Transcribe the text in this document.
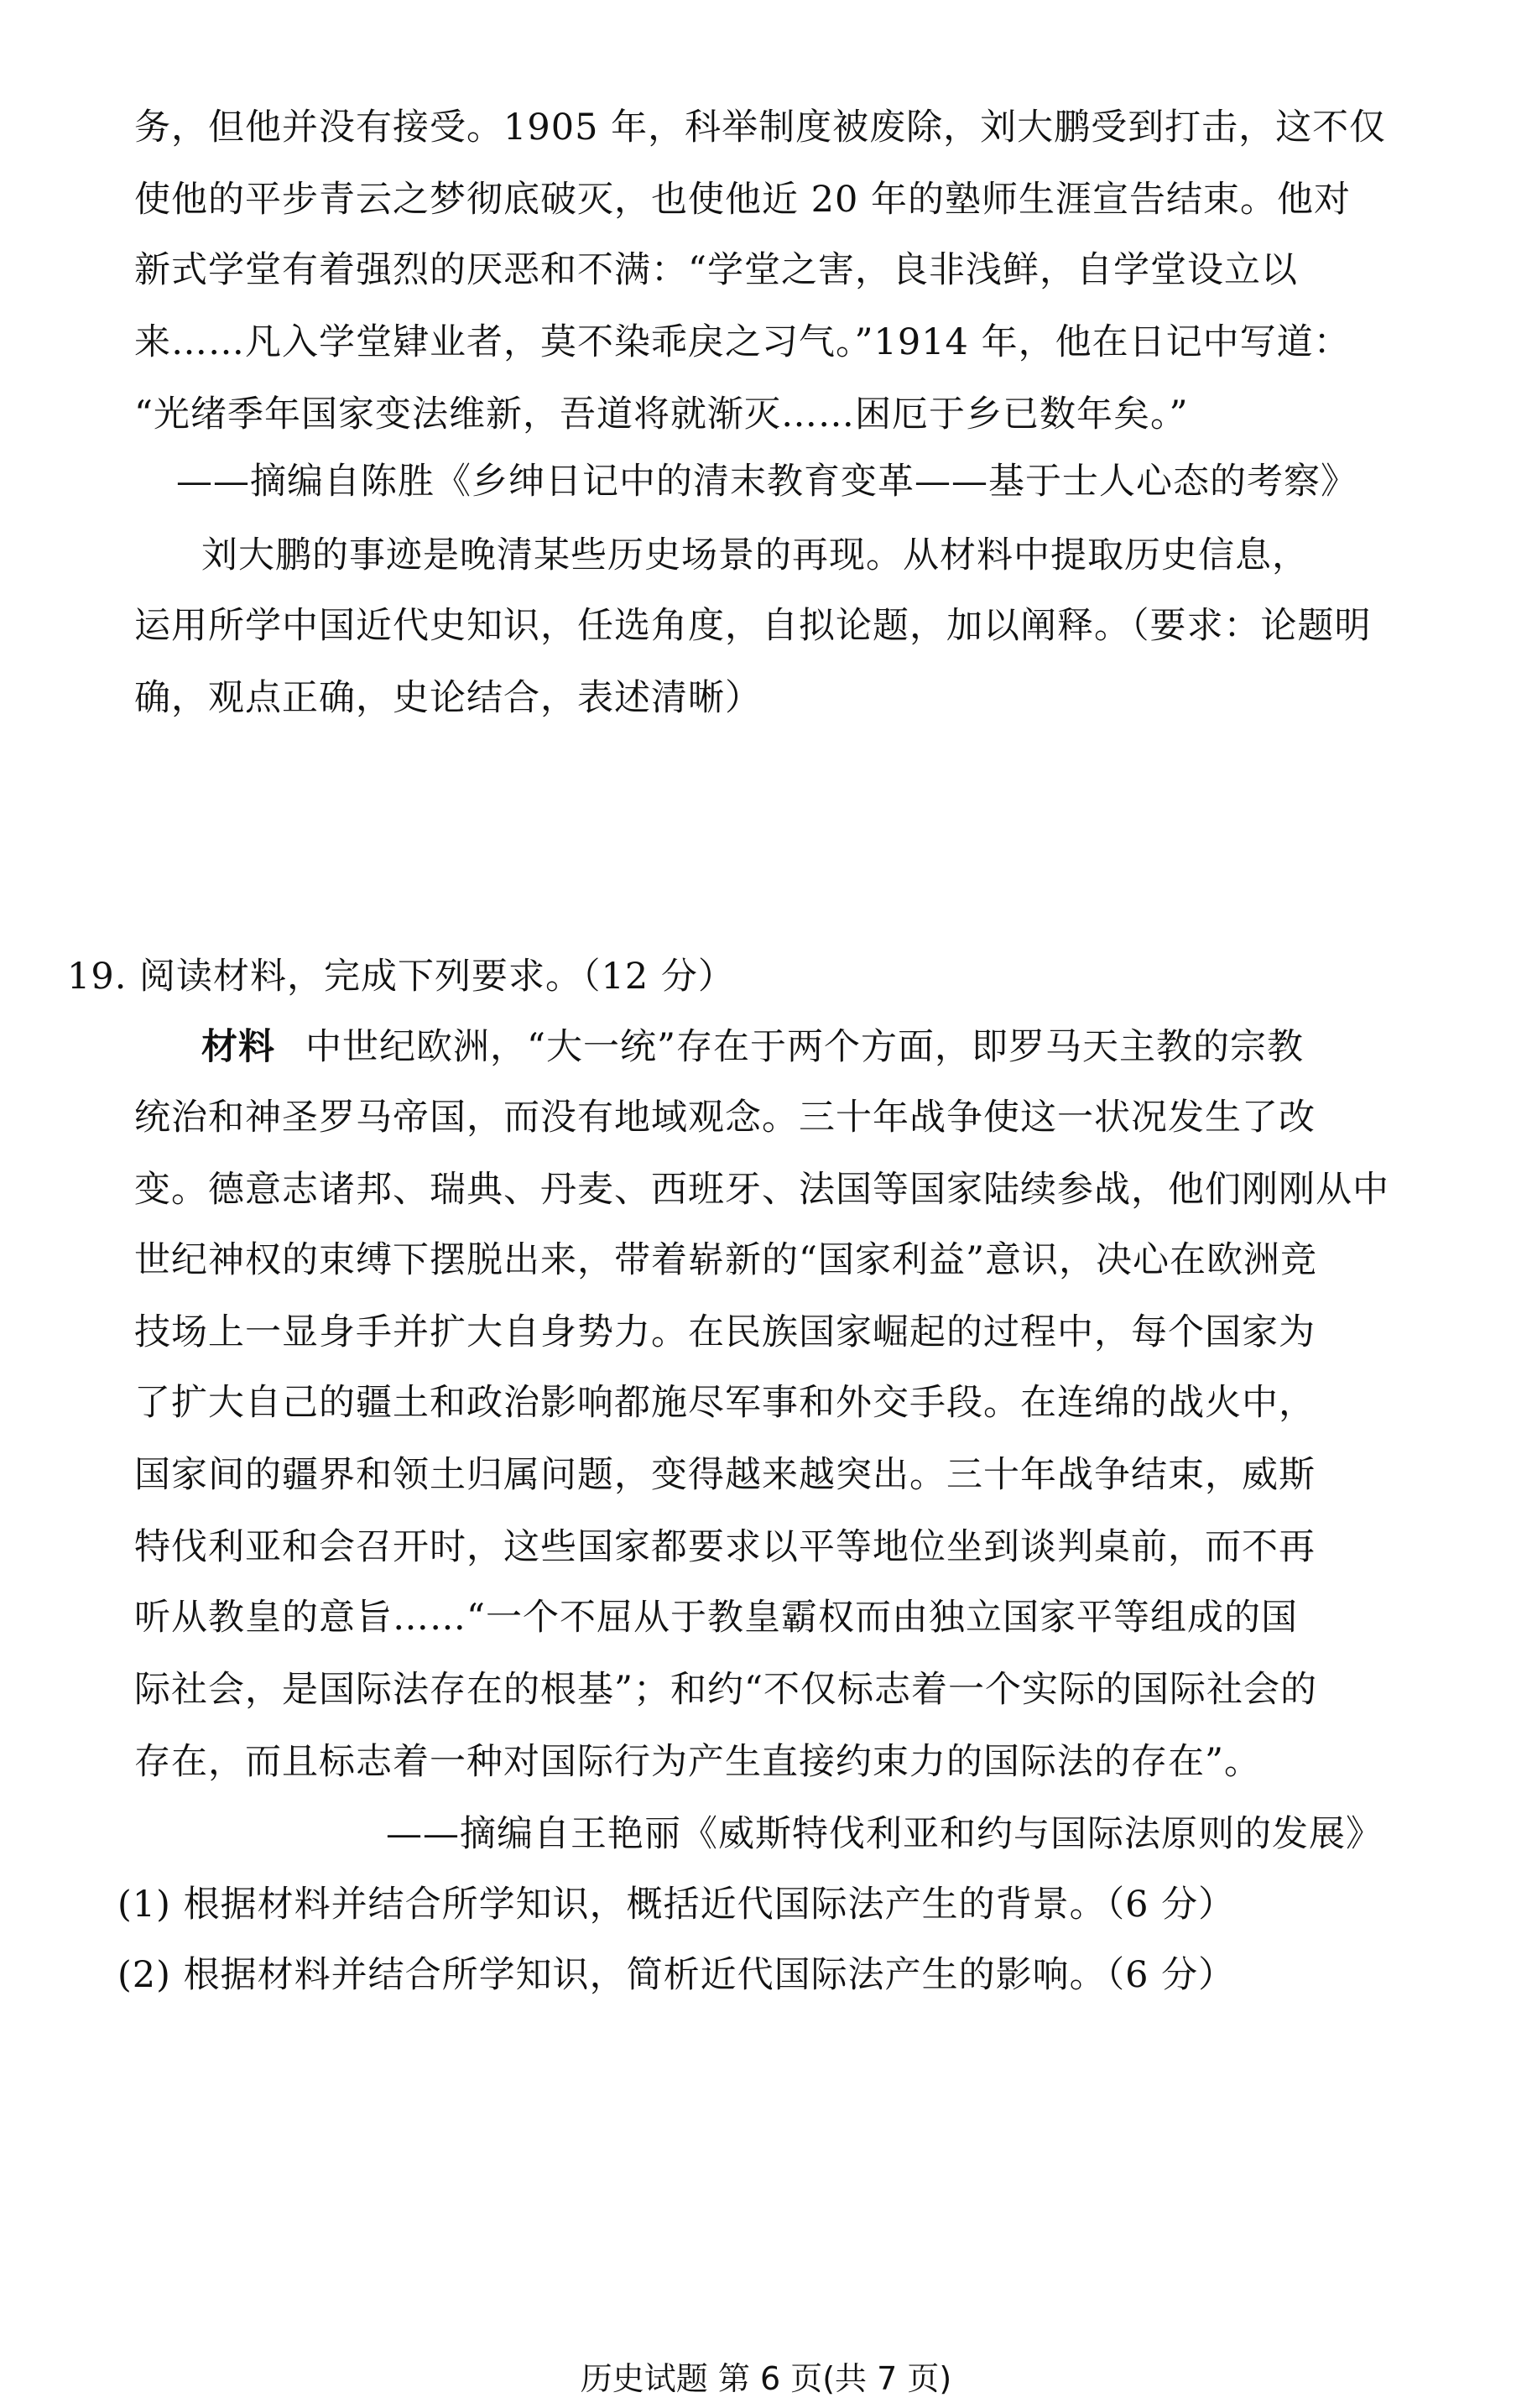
务，但他并没有接受。1905 年，科举制度被废除，刘大鹏受到打击，这不仅
使他的平步青云之梦彻底破灭，也使他近 20 年的塾师生涯宣告结束。他对
新式学堂有着强烈的厌恶和不满：“学堂之害，良非浅鲜，自学堂设立以
来……凡入学堂肄业者，莫不染乖戾之习气。”1914 年，他在日记中写道：
“光绪季年国家变法维新，吾道将就渐灭……困厄于乡已数年矣。”
——摘编自陈胜《乡绅日记中的清末教育变革——基于士人心态的考察》
刘大鹏的事迹是晚清某些历史场景的再现。从材料中提取历史信息，
运用所学中国近代史知识，任选角度，自拟论题，加以阐释。（要求：论题明
确，观点正确，史论结合，表述清晰）
19. 阅读材料，完成下列要求。（12 分）
材料 中世纪欧洲，“大一统”存在于两个方面，即罗马天主教的宗教
统治和神圣罗马帝国，而没有地域观念。三十年战争使这一状况发生了改
变。德意志诸邦、瑞典、丹麦、西班牙、法国等国家陆续参战，他们刚刚从中
世纪神权的束缚下摆脱出来，带着崭新的“国家利益”意识，决心在欧洲竞
技场上一显身手并扩大自身势力。在民族国家崛起的过程中，每个国家为
了扩大自己的疆土和政治影响都施尽军事和外交手段。在连绵的战火中，
国家间的疆界和领土归属问题，变得越来越突出。三十年战争结束，威斯
特伐利亚和会召开时，这些国家都要求以平等地位坐到谈判桌前，而不再
听从教皇的意旨……“一个不屈从于教皇霸权而由独立国家平等组成的国
际社会，是国际法存在的根基”；和约“不仅标志着一个实际的国际社会的
存在，而且标志着一种对国际行为产生直接约束力的国际法的存在”。
——摘编自王艳丽《威斯特伐利亚和约与国际法原则的发展》
(1) 根据材料并结合所学知识，概括近代国际法产生的背景。（6 分）
(2) 根据材料并结合所学知识，简析近代国际法产生的影响。（6 分）
历史试题 第 6 页(共 7 页)
